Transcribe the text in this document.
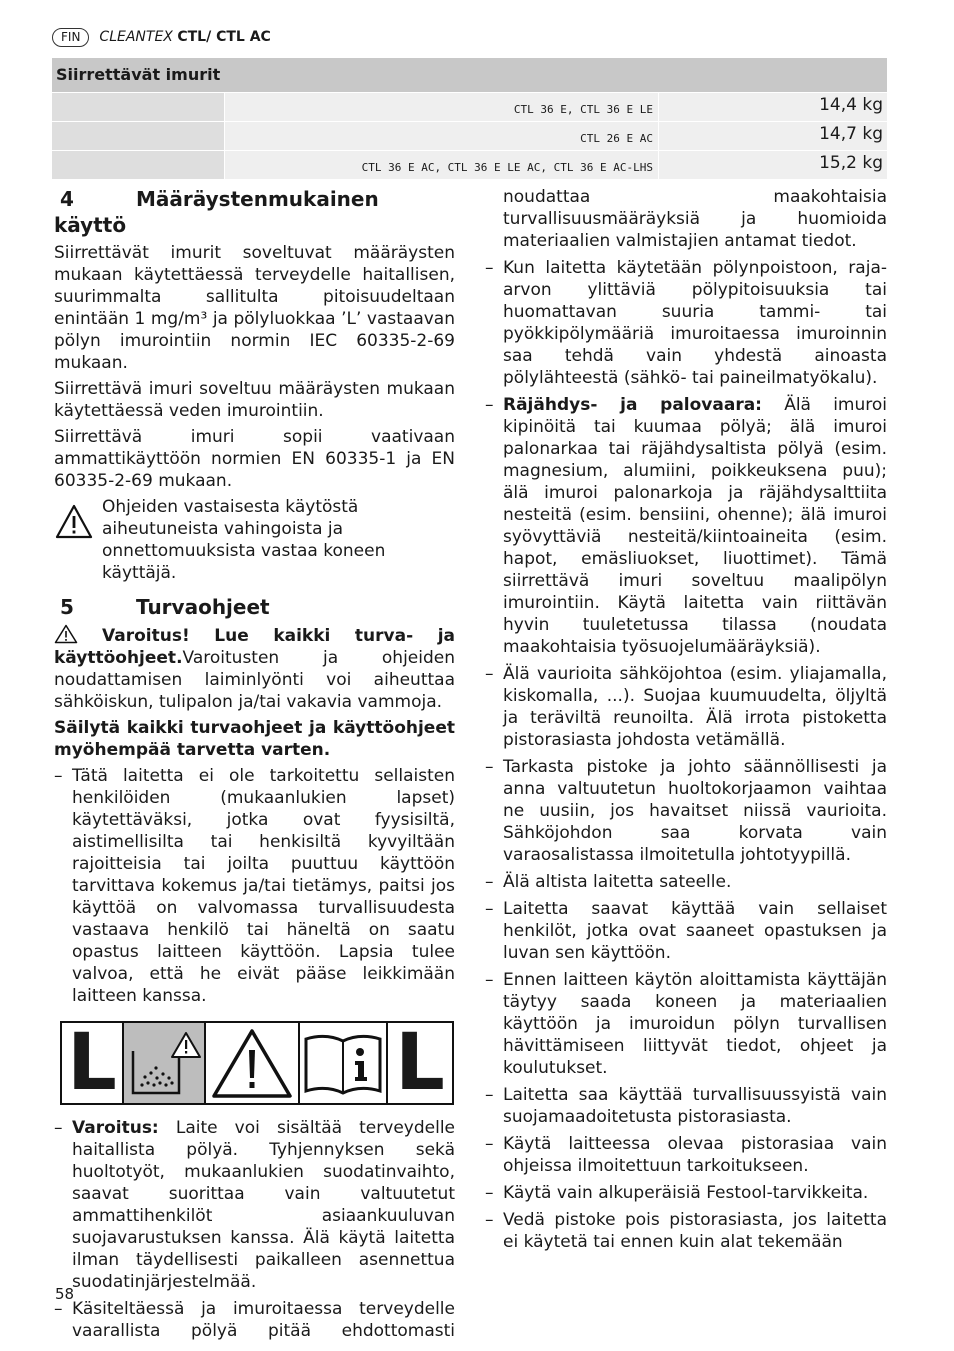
FIN	CLEANTEX CTL/ CTL AC
Siirrettävät imurit
CTL 36 E, CTL 36 E LE	14,4 kg
CTL 26 E AC	14,7 kg
CTL 36 E AC, CTL 36 E LE AC, CTL 36 E AC-LHS	15,2 kg
4	Määräystenmukainen käyttö

Siirrettävät imurit soveltuvat määräysten mukaan käytettäessä terveydelle haitallisen, suurimmalta sallitulta pitoisuudeltaan enintään 1 mg/m³ ja pölyluokkaa ’L’ vastaavan pölyn imurointiin normin IEC 60335-2-69 mukaan.

Siirrettävä imuri soveltuu määräysten mukaan käytettäessä veden imurointiin.

Siirrettävä imuri sopii vaativaan ammattikäyttöön normien EN 60335-1 ja EN 60335-2-69 mukaan.

Ohjeiden vastaisesta käytöstä aiheutuneista vahingoista ja onnettomuuksista vastaa koneen käyttäjä.
5	Turvaohjeet

Varoitus! Lue kaikki turva- ja käyttöohjeet.Varoitusten ja ohjeiden noudattamisen laiminlyönti voi aiheuttaa sähköiskun, tulipalon ja/tai vakavia vammoja.

Säilytä kaikki turvaohjeet ja käyttöohjeet myöhempää tarvetta varten.

– Tätä laitetta ei ole tarkoitettu sellaisten henkilöiden (mukaanlukien lapset) käytettäväksi, jotka ovat fyysisiltä, aistimellisilta tai henkisiltä kyvyiltään rajoitteisia tai joilta puuttuu käyttöön tarvittava kokemus ja/tai tietämys, paitsi jos käyttöä on valvomassa turvallisuudesta vastaava henkilö tai häneltä on saatu opastus laitteen käyttöön. Lapsia tulee valvoa, että he eivät pääse leikkimään laitteen kanssa.
L	L
– Varoitus: Laite voi sisältää terveydelle haitallista pölyä. Tyhjennyksen sekä huoltotyöt, mukaanlukien suodatinvaihto, saavat suorittaa vain valtuutetut ammattihenkilöt asiaankuuluvan suojavarustuksen kanssa. Älä käytä laitetta ilman täydellisesti paikalleen asennettua suodatinjärjestelmää.
– Käsiteltäessä ja imuroitaessa terveydelle vaarallista pölyä pitää ehdottomasti
noudattaa maakohtaisia turvallisuusmääräyksiä ja huomioida materiaalien valmistajien antamat tiedot.
– Kun laitetta käytetään pölynpoistoon, raja-arvon ylittäviä pölypitoisuuksia tai huomattavan suuria tammi- tai pyökkipölymääriä imuroitaessa imuroinnin saa tehdä vain yhdestä ainoasta pölylähteestä (sähkö- tai paineilmatyökalu).
– Räjähdys- ja palovaara: Älä imuroi kipinöitä tai kuumaa pölyä; älä imuroi palonarkaa tai räjähdysaltista pölyä (esim. magnesium, alumiini, poikkeuksena puu); älä imuroi palonarkoja ja räjähdysalttiita nesteitä (esim. bensiini, ohenne); älä imuroi syövyttäviä nesteitä/kiintoaineita (esim. hapot, emäsliuokset, liuottimet). Tämä siirrettävä imuri soveltuu maalipölyn imurointiin. Käytä laitetta vain riittävän hyvin tuuletetussa tilassa (noudata maakohtaisia työsuojelumääräyksiä).
– Älä vaurioita sähköjohtoa (esim. yliajamalla, kiskomalla, ...). Suojaa kuumuudelta, öljyltä ja teräviltä reunoilta. Älä irrota pistoketta pistorasiasta johdosta vetämällä.
– Tarkasta pistoke ja johto säännöllisesti ja anna valtuutetun huoltokorjaamon vaihtaa ne uusiin, jos havaitset niissä vaurioita. Sähköjohdon saa korvata vain varaosalistassa ilmoitetulla johtotyypillä.
– Älä altista laitetta sateelle.
– Laitetta saavat käyttää vain sellaiset henkilöt, jotka ovat saaneet opastuksen ja luvan sen käyttöön.
– Ennen laitteen käytön aloittamista käyttäjän täytyy saada koneen ja materiaalien käyttöön ja imuroidun pölyn turvallisen hävittämiseen liittyvät tiedot, ohjeet ja koulutukset.
– Laitetta saa käyttää turvallisuussyistä vain suojamaadoitetusta pistorasiasta.
– Käytä laitteessa olevaa pistorasiaa vain ohjeissa ilmoitettuun tarkoitukseen.
– Käytä vain alkuperäisiä Festool-tarvikkeita.
– Vedä pistoke pois pistorasiasta, jos laitetta ei käytetä tai ennen kuin alat tekemään
58
